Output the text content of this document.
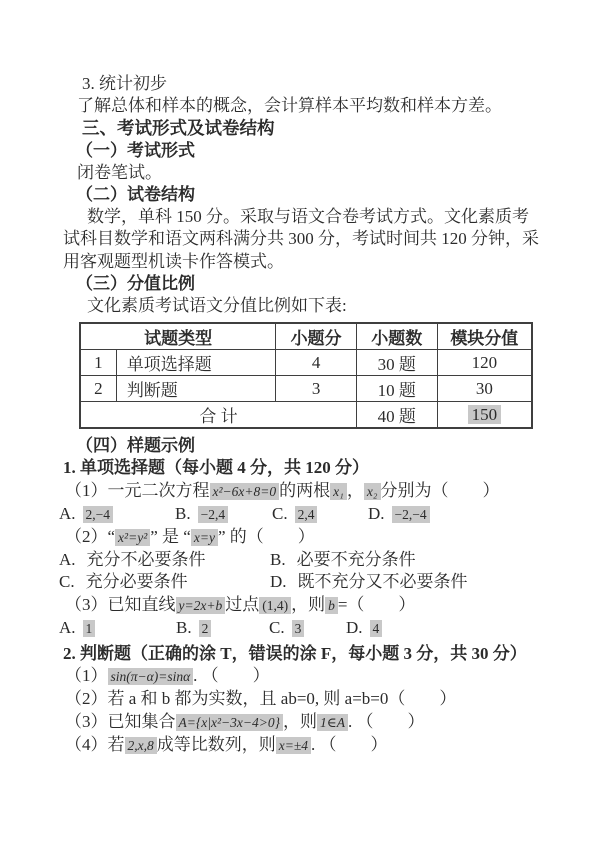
3. 统计初步

了解总体和样本的概念，会计算样本平均数和样本方差。

三、考试形式及试卷结构

（一）考试形式

闭卷笔试。

（二）试卷结构

数学，单科 150 分。采取与语文合卷考试方式。文化素质考

试科目数学和语文两科满分共 300 分，考试时间共 120 分钟，采

用客观题型机读卡作答模式。

（三）分值比例

文化素质考试语文分值比例如下表:

试题类型		小题分	小题数	模块分值
1	单项选择题	4	30 题	120
2	判断题	3	10 题	30
合 计			40 题	150

（四）样题示例

1. 单项选择题（每小题 4 分，共 120 分）

（1）一元二次方程 x²−6x+8=0 的两根 x₁ ， x₂ 分别为（　　）

A. 2,−4	B. −2,4	C. 2,4	D. −2,−4

（2）“ x²=y² ” 是 “ x=y ” 的（　　）

A. 充分不必要条件	B. 必要不充分条件

C. 充分必要条件	D. 既不充分又不必要条件

（3）已知直线 y=2x+b 过点 (1,4) ，则 b =（　　）

A. 1	B. 2	C. 3	D. 4

2. 判断题（正确的涂 T，错误的涂 F，每小题 3 分，共 30 分）

（1） sin(π−α)=sinα . （　　）

（2）若 a 和 b 都为实数，且 ab=0, 则 a=b=0（　　）

（3）已知集合 A={x|x²−3x−4>0} ，则 1∈A . （　　）

（4）若 2,x,8 成等比数列，则 x=±4 . （　　）
